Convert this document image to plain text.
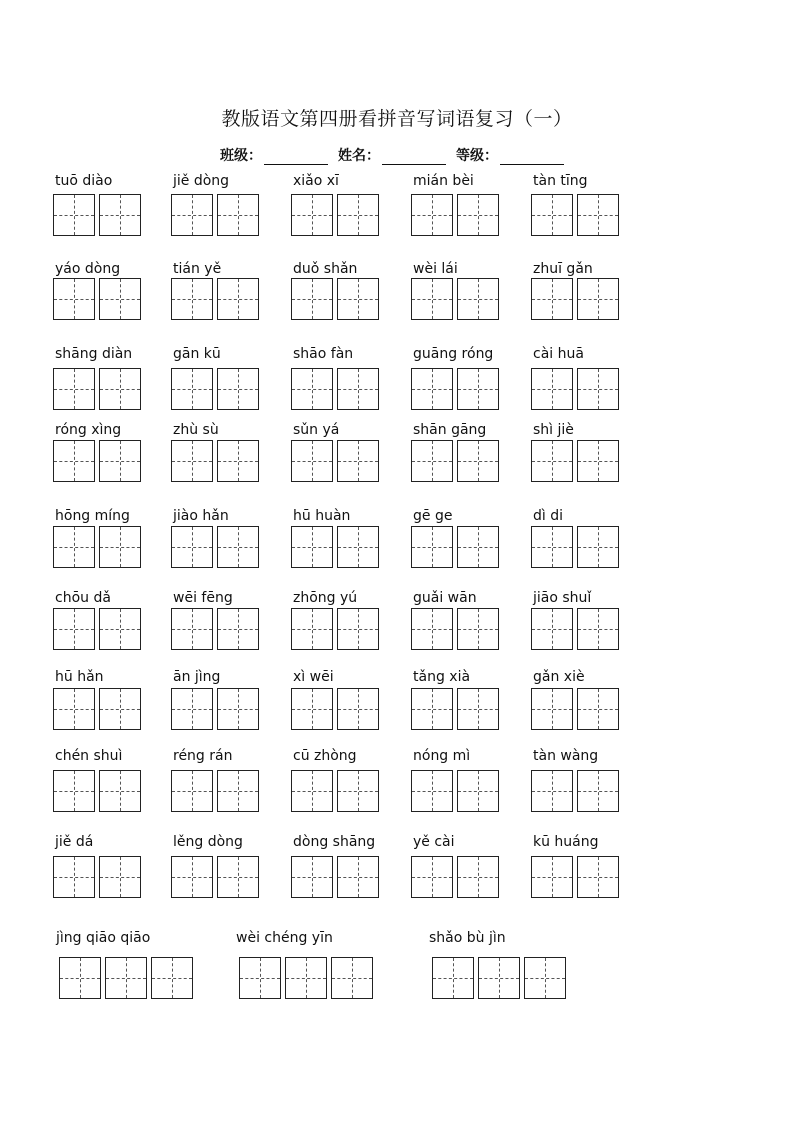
教版语文第四册看拼音写词语复习（一）
班级：	姓名：	等级：
tuō diào	jiě dòng	xiǎo xī	mián bèi	tàn tīng
yáo dòng	tián yě	duǒ shǎn	wèi lái	zhuī gǎn
shāng diàn	gān kū	shāo fàn	guāng róng	cài huā
róng xìng	zhù sù	sǔn yá	shān gāng	shì jiè
hōng míng	jiào hǎn	hū huàn	gē ge	dì di
chōu dǎ	wēi fēng	zhōng yú	guǎi wān	jiāo shuǐ
hū hǎn	ān jìng	xì wēi	tǎng xià	gǎn xiè
chén shuì	réng rán	cū zhòng	nóng mì	tàn wàng
jiě dá	lěng dòng	dòng shāng	yě cài	kū huáng
jìng qiāo qiāo	wèi chéng yīn	shǎo bù jìn
